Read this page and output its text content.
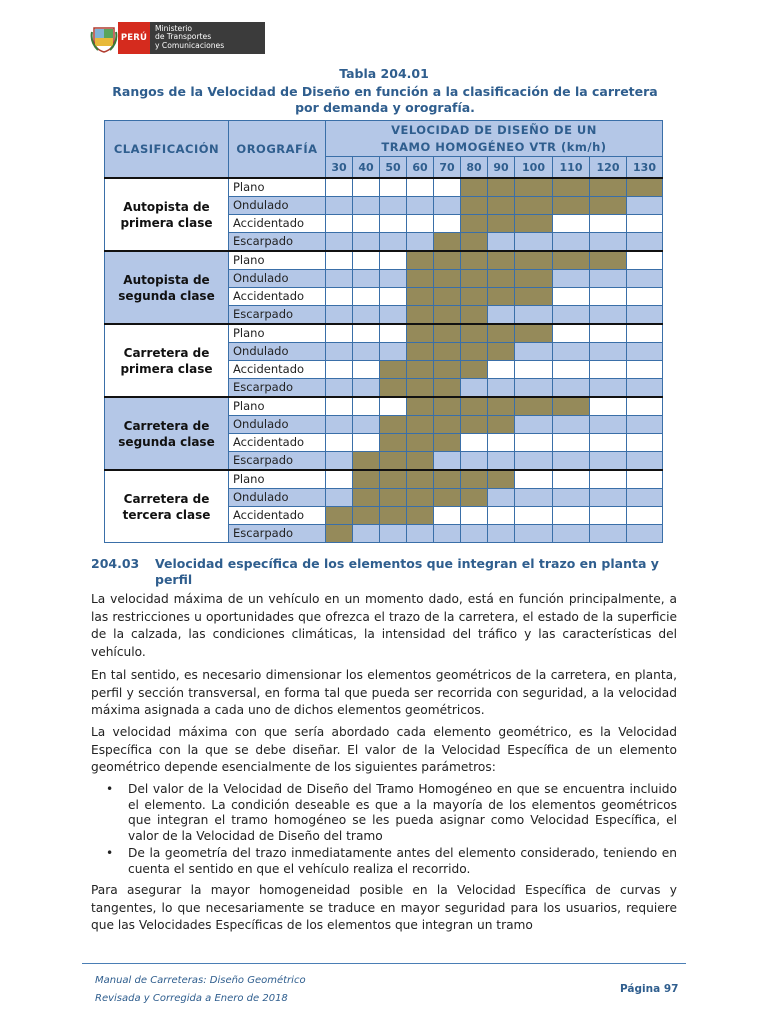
PERÚ
Ministerio
de Transportes
y Comunicaciones
Tabla 204.01
Rangos de la Velocidad de Diseño en función a la clasificación de la carretera por demanda y orografía.
CLASIFICACIÓN	OROGRAFÍA	VELOCIDAD DE DISEÑO DE UN TRAMO HOMOGÉNEO VTR (km/h)										
		30	40	50	60	70	80	90	100	110	120	130
Autopista de primera clase	Plano											
	Ondulado											
	Accidentado											
	Escarpado											
Autopista de segunda clase	Plano											
	Ondulado											
	Accidentado											
	Escarpado											
Carretera de primera clase	Plano											
	Ondulado											
	Accidentado											
	Escarpado											
Carretera de segunda clase	Plano											
	Ondulado											
	Accidentado											
	Escarpado											
Carretera de tercera clase	Plano											
	Ondulado											
	Accidentado											
	Escarpado											
204.03 Velocidad específica de los elementos que integran el trazo en planta y perfil
La velocidad máxima de un vehículo en un momento dado, está en función principalmente, a las restricciones u oportunidades que ofrezca el trazo de la carretera, el estado de la superficie de la calzada, las condiciones climáticas, la intensidad del tráfico y las características del vehículo.
En tal sentido, es necesario dimensionar los elementos geométricos de la carretera, en planta, perfil y sección transversal, en forma tal que pueda ser recorrida con seguridad, a la velocidad máxima asignada a cada uno de dichos elementos geométricos.
La velocidad máxima con que sería abordado cada elemento geométrico, es la Velocidad Específica con la que se debe diseñar. El valor de la Velocidad Específica de un elemento geométrico depende esencialmente de los siguientes parámetros:
• Del valor de la Velocidad de Diseño del Tramo Homogéneo en que se encuentra incluido el elemento. La condición deseable es que a la mayoría de los elementos geométricos que integran el tramo homogéneo se les pueda asignar como Velocidad Específica, el valor de la Velocidad de Diseño del tramo
• De la geometría del trazo inmediatamente antes del elemento considerado, teniendo en cuenta el sentido en que el vehículo realiza el recorrido.
Para asegurar la mayor homogeneidad posible en la Velocidad Específica de curvas y tangentes, lo que necesariamente se traduce en mayor seguridad para los usuarios, requiere que las Velocidades Específicas de los elementos que integran un tramo
Manual de Carreteras: Diseño Geométrico
Revisada y Corregida a Enero de 2018
Página 97
